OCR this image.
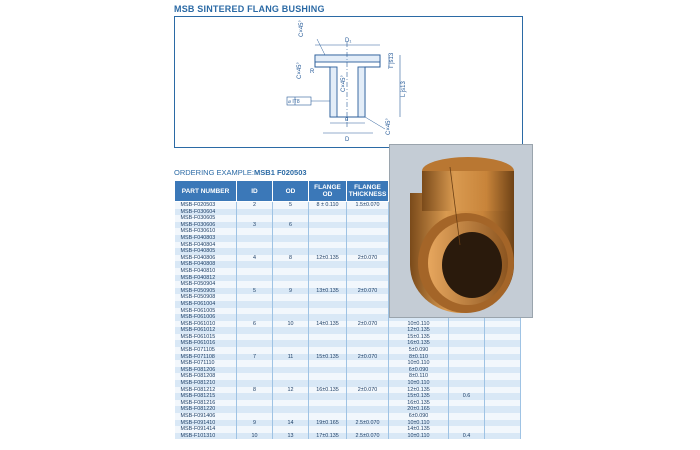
MSB SINTERED FLANG BUSHING
D₁
C×45°
C×45°
C×45°
C×45°
R
T js13
L js13
d
D
⌀ IT8
ORDERING EXAMPLE:MSB1 F020503
PART NUMBER	ID	OD	FLANGE OD	FLANGE THICKNESS			
MSB-F020503	2	5	8 ± 0.110	1.5±0.070			
MSB-F030604							
MSB-F030605							
MSB-F030606	3	6					
MSB-F030610							
MSB-F040803							
MSB-F040804							
MSB-F040805							
MSB-F040806	4	8	12±0.135	2±0.070			
MSB-F040808							
MSB-F040810							
MSB-F040812							
MSB-F050904							
MSB-F050905	5	9	13±0.135	2±0.070			
MSB-F050908							
MSB-F061004							
MSB-F061005							
MSB-F061006							
MSB-F061010	6	10	14±0.135	2±0.070	10±0.110		
MSB-F061012					12±0.135		
MSB-F061015					15±0.135		
MSB-F061016					16±0.135		
MSB-F071105					5±0.090		
MSB-F071108	7	11	15±0.135	2±0.070	8±0.110		
MSB-F071110					10±0.110		
MSB-F081206					6±0.090		
MSB-F081208					8±0.110		
MSB-F081210					10±0.110		
MSB-F081212	8	12	16±0.135	2±0.070	12±0.135		
MSB-F081215					15±0.135	0.6	
MSB-F081216					16±0.135		
MSB-F081220					20±0.165		
MSB-F091406					6±0.090		
MSB-F091410	9	14	19±0.165	2.5±0.070	10±0.110		
MSB-F091414					14±0.135		
MSB-F101310	10	13	17±0.135	2.5±0.070	10±0.110	0.4	
